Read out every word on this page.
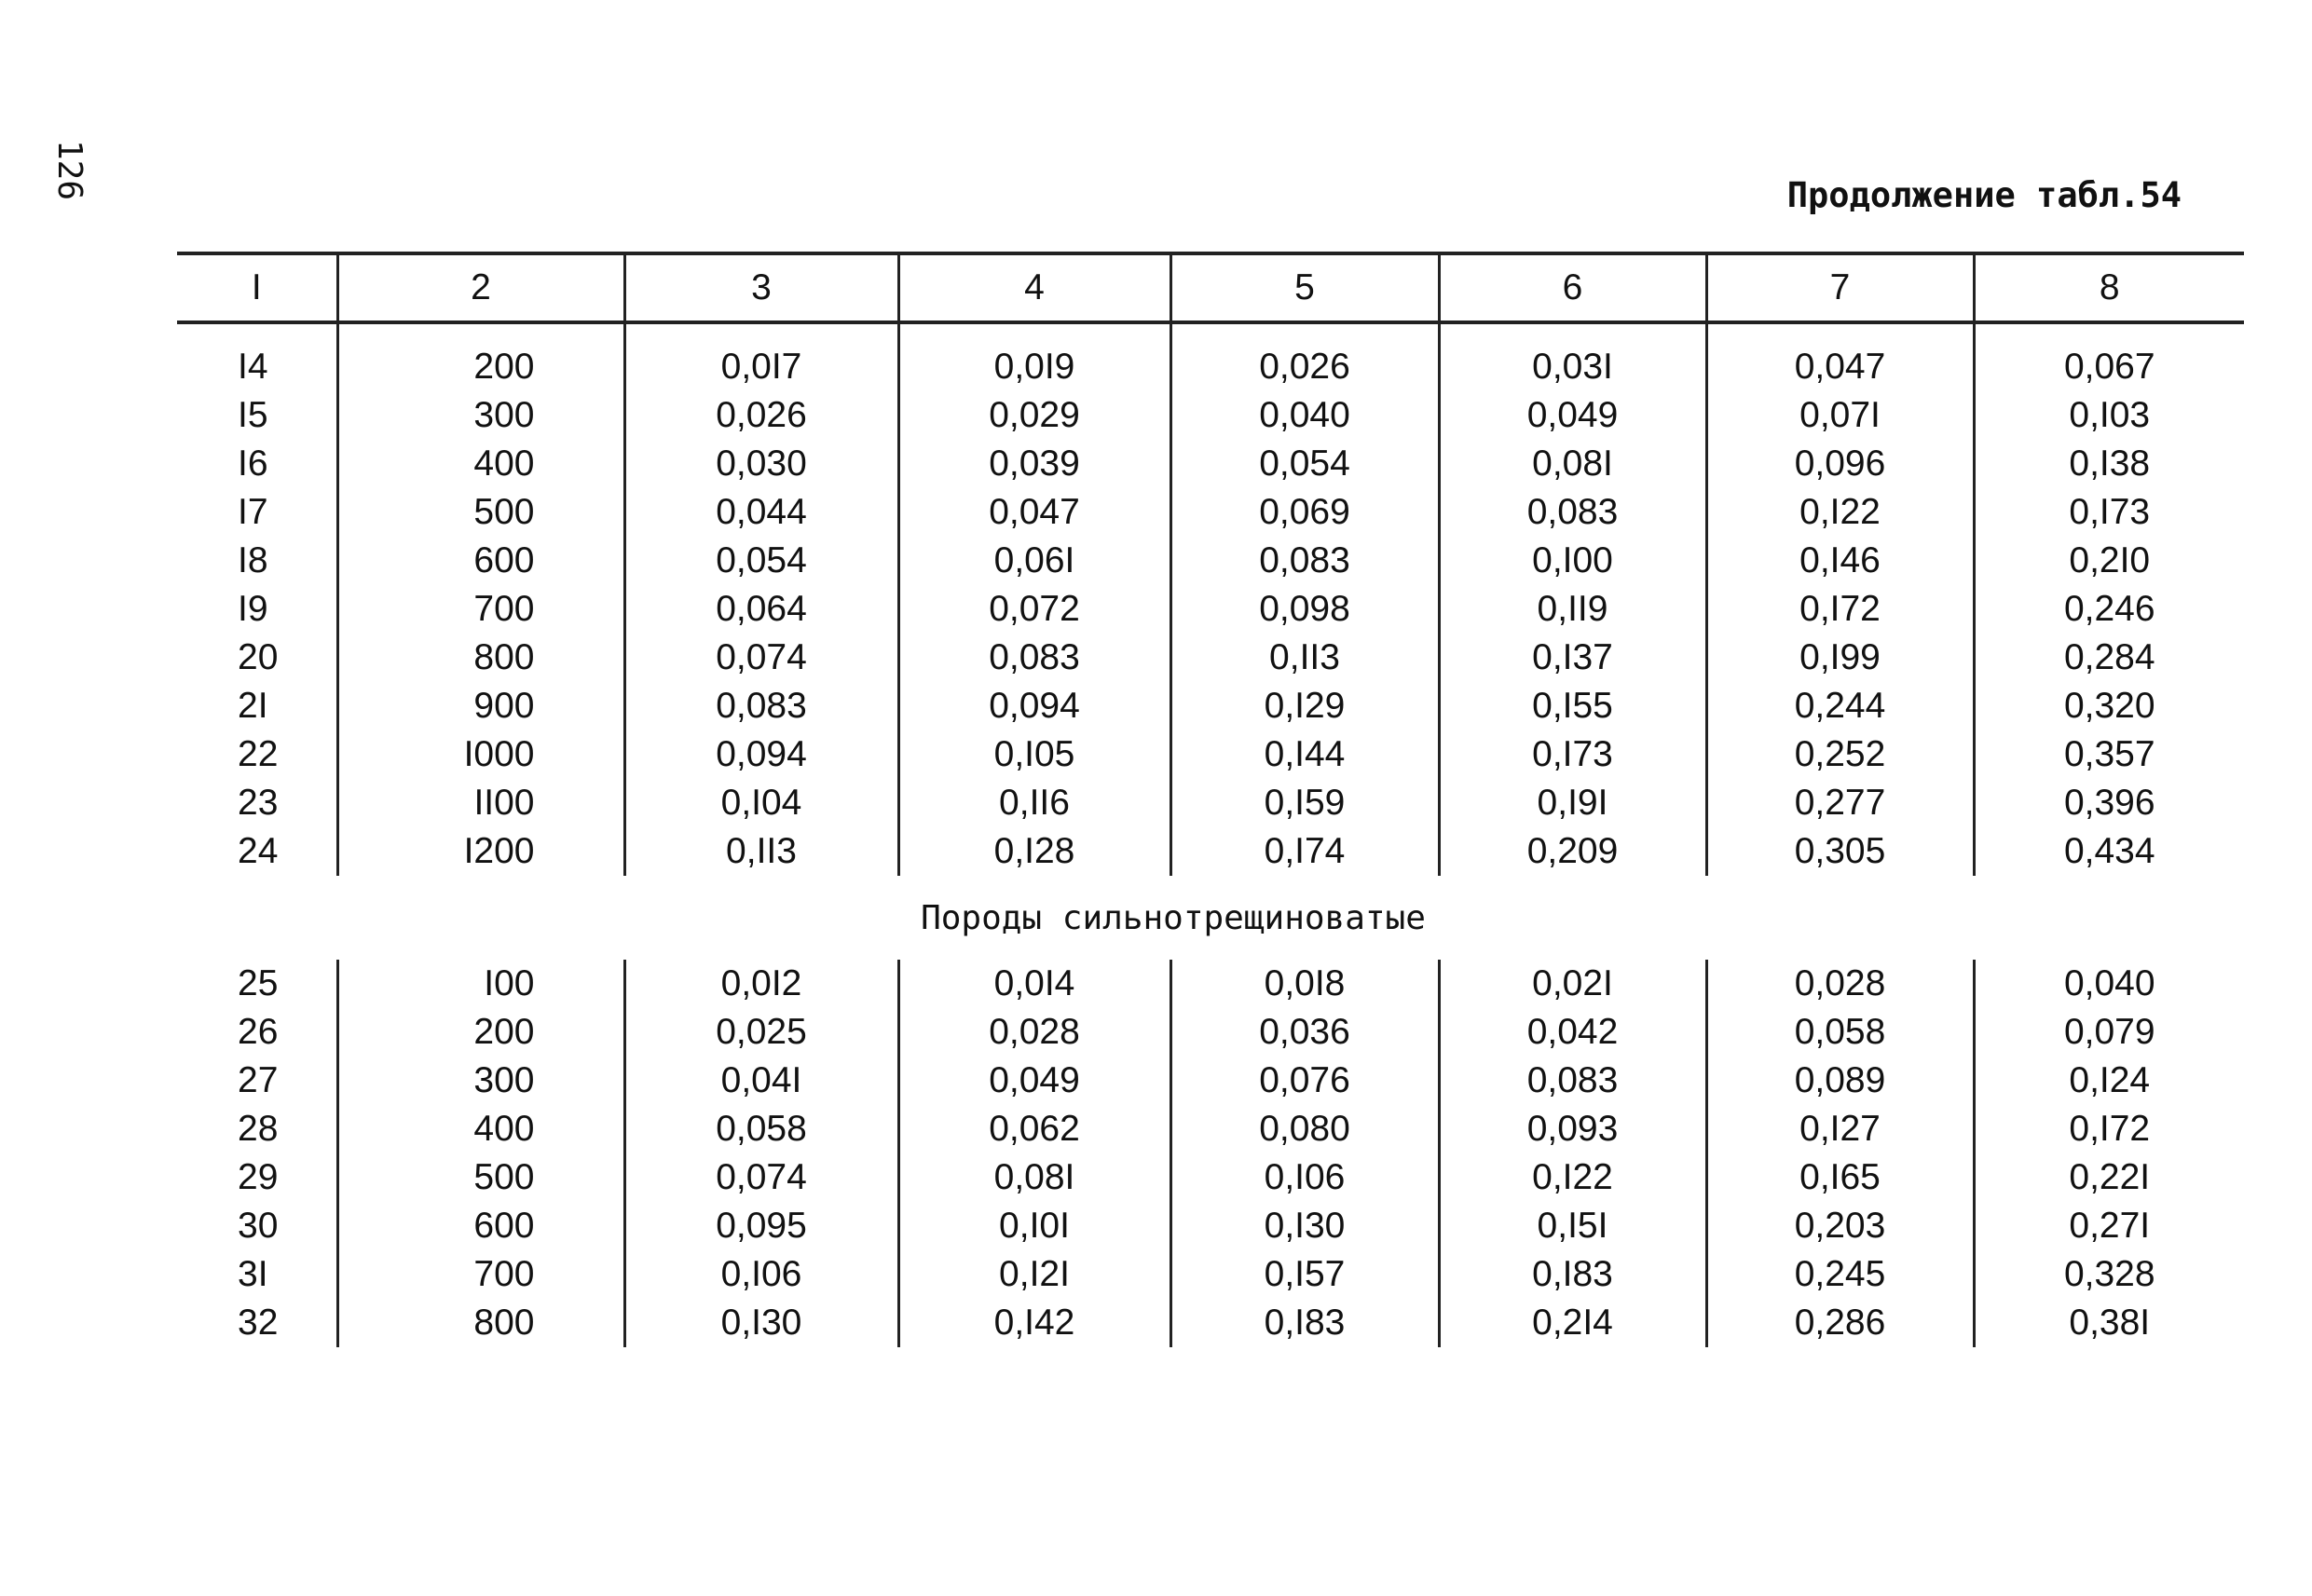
126	Продолжение табл.54
I	2	3	4	5	6	7	8
I4	200	0,0I7	0,0I9	0,026	0,03I	0,047	0,067
I5	300	0,026	0,029	0,040	0,049	0,07I	0,I03
I6	400	0,030	0,039	0,054	0,08I	0,096	0,I38
I7	500	0,044	0,047	0,069	0,083	0,I22	0,I73
I8	600	0,054	0,06I	0,083	0,I00	0,I46	0,2I0
I9	700	0,064	0,072	0,098	0,II9	0,I72	0,246
20	800	0,074	0,083	0,II3	0,I37	0,I99	0,284
2I	900	0,083	0,094	0,I29	0,I55	0,244	0,320
22	I000	0,094	0,I05	0,I44	0,I73	0,252	0,357
23	II00	0,I04	0,II6	0,I59	0,I9I	0,277	0,396
24	I200	0,II3	0,I28	0,I74	0,209	0,305	0,434
Породы сильнотрещиноватые							
25	I00	0,0I2	0,0I4	0,0I8	0,02I	0,028	0,040
26	200	0,025	0,028	0,036	0,042	0,058	0,079
27	300	0,04I	0,049	0,076	0,083	0,089	0,I24
28	400	0,058	0,062	0,080	0,093	0,I27	0,I72
29	500	0,074	0,08I	0,I06	0,I22	0,I65	0,22I
30	600	0,095	0,I0I	0,I30	0,I5I	0,203	0,27I
3I	700	0,I06	0,I2I	0,I57	0,I83	0,245	0,328
32	800	0,I30	0,I42	0,I83	0,2I4	0,286	0,38I
